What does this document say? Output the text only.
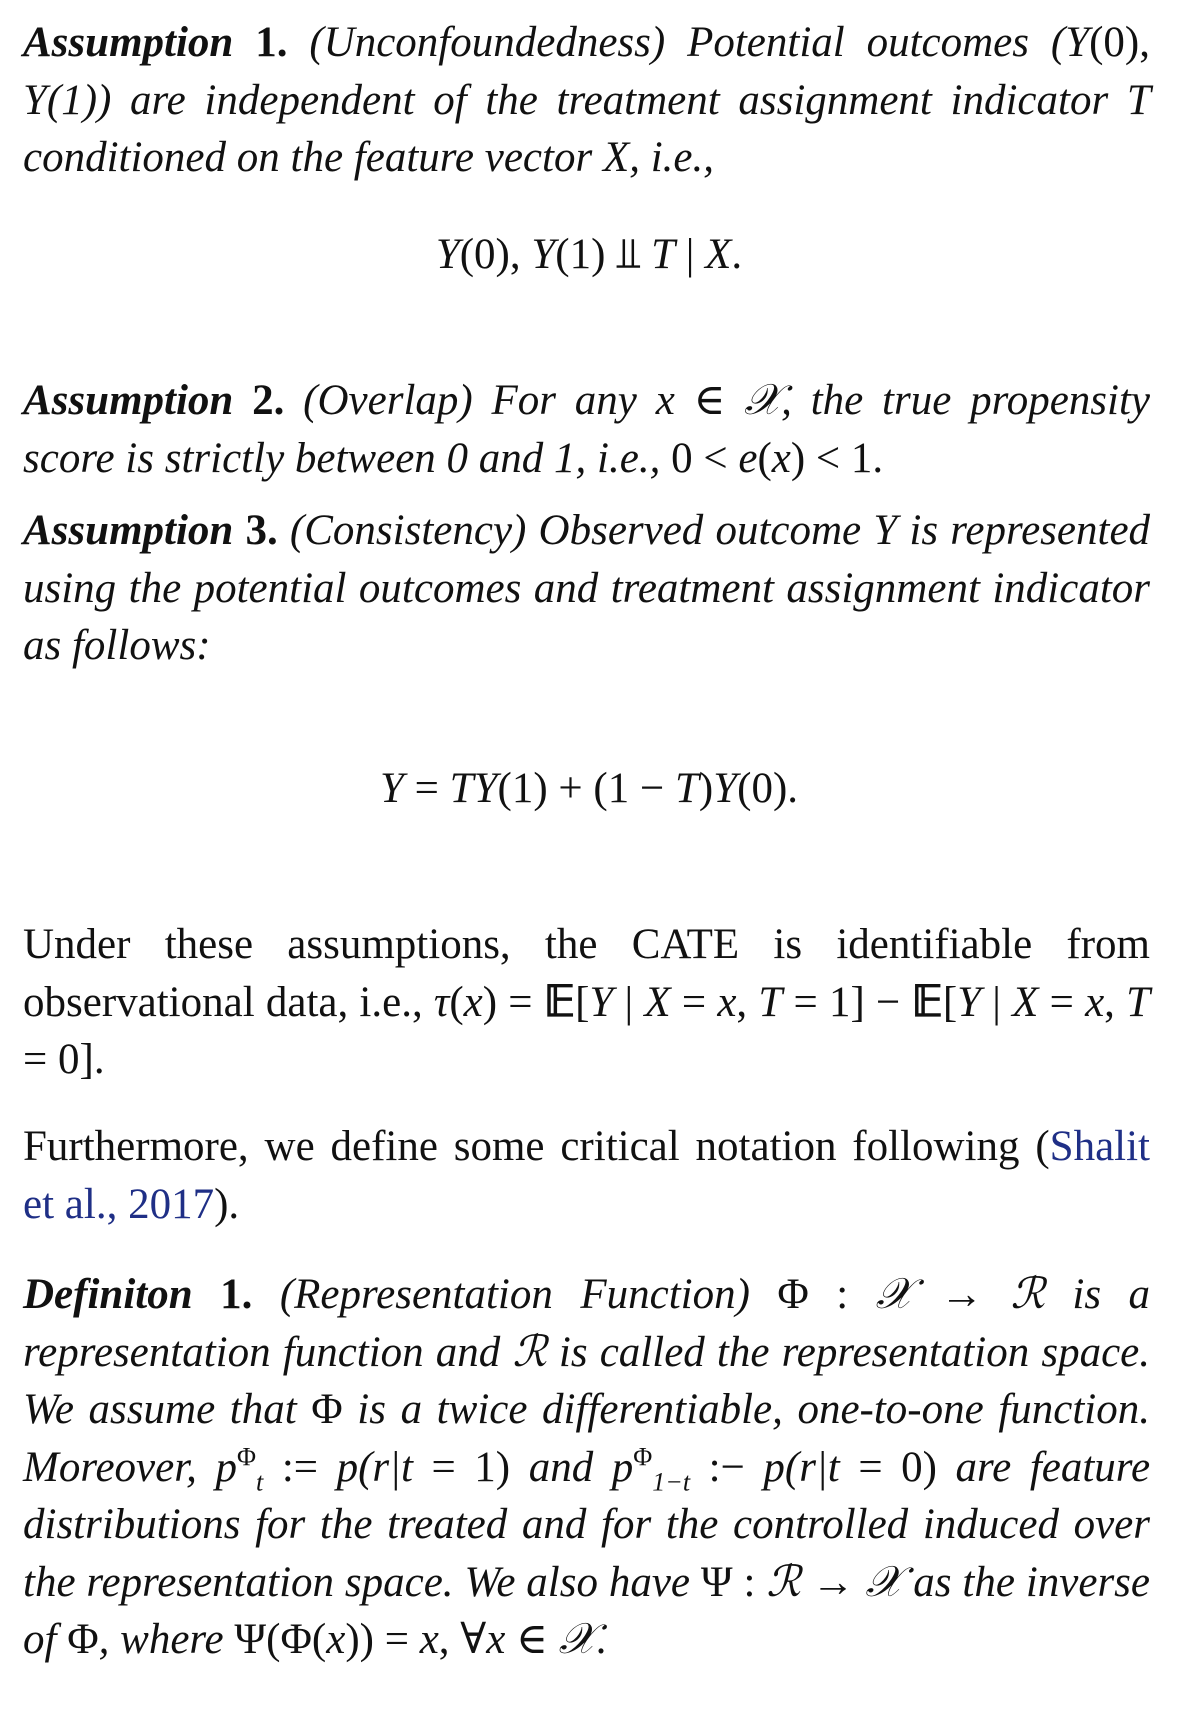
Assumption 1. (Unconfoundedness) Potential outcomes (Y(0), Y(1)) are independent of the treatment assignment indicator T conditioned on the feature vector X, i.e.,
Y(0), Y(1) ⫫ T | X.
Assumption 2. (Overlap) For any x ∈ 𝒳, the true propensity score is strictly between 0 and 1, i.e., 0 < e(x) < 1.
Assumption 3. (Consistency) Observed outcome Y is represented using the potential outcomes and treatment assignment indicator as follows:
Y = TY(1) + (1 − T)Y(0).
Under these assumptions, the CATE is identifiable from observational data, i.e., τ(x) = 𝔼[Y | X = x, T = 1] − 𝔼[Y | X = x, T = 0].
Furthermore, we define some critical notation following (Shalit et al., 2017).
Definiton 1. (Representation Function) Φ : 𝒳 → ℛ is a representation function and ℛ is called the representation space. We assume that Φ is a twice differentiable, one-to-one function. Moreover, $p^\Phi_t$ := p(r|t = 1) and $p^\Phi_{1-t}$ :− p(r|t = 0) are feature distributions for the treated and for the controlled induced over the representation space. We also have Ψ : ℛ → 𝒳 as the inverse of Φ, where Ψ(Φ(x)) = x, ∀x ∈ 𝒳.
